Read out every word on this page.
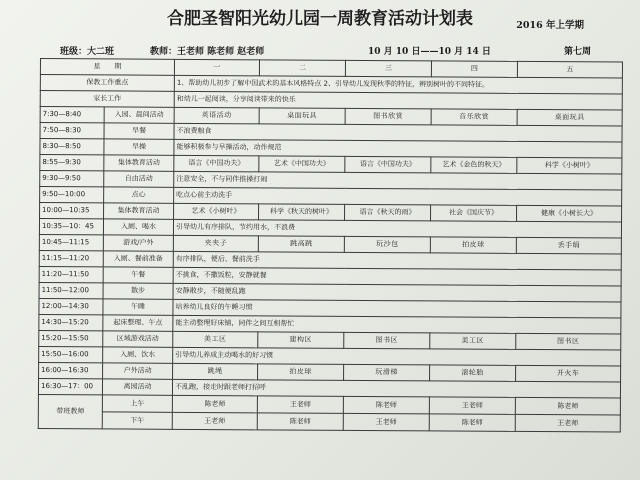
合肥圣智阳光幼儿园一周教育活动计划表	2016 年上学期
班级：大二班	教师：王老师 陈老师 赵老师	10 月 10 日——10 月 14 日	第七周
星　　期		一	二	三	四	五
保教工作重点		1、帮助幼儿初步了解中国武术的基本风格特点 2、引导幼儿发现秋季的特征，辨别树叶的不同特征。				
家长工作		和幼儿一起阅读，分享阅读带来的快乐				
7:30—8:40	入园、晨间活动	英语活动	桌面玩具	图书欣赏	音乐欣赏	桌面玩具
7:50—8:30	早餐	不浪费粮食				
8:30—8:50	早操	能够积极参与早操活动，动作规范				
8:55—9:30	集体教育活动	语言《中国功夫》	艺术《中国功夫》	语言《中国功夫》	艺术《金色的秋天》	科学《小树叶》
9:30—9:50	自由活动	注意安全，不与同伴推搡打闹				
9:50—10:00	点心	吃点心前主动洗手				
10:00—10:35	集体教育活动	艺术《小树叶》	科学《秋天的树叶》	语言《秋天的雨》	社会《国庆节》	健康《小树长大》
10:35—10：45	入厕、喝水	引导幼儿有序排队，节约用水，不浪费				
10:45—11:15	游戏/户外	夹夹子	跳高跳	玩沙包	拍皮球	丢手绢
11:15—11:20	入厕、餐前准备	有序排队，便后、餐前洗手				
11:20—11:50	午餐	不挑食，不撒饭粒，安静就餐				
11:50—12:00	散步	安静散步，不随便乱跑				
12:00—14:30	午睡	培养幼儿良好的午睡习惯				
14:30—15:20	起床整理、午点	能主动整理好床铺，同伴之间互相帮忙				
15:20—15:50	区域游戏活动	美工区	建构区	图书区	美工区	图书区
15:50—16:00	入厕、饮水	引导幼儿养成主动喝水的好习惯				
16:00—16:30	户外活动	跳绳	拍皮球	玩滑梯	滚轮胎	开火车
16:30—17：00	离园活动	不乱跑，接走时跟老师打招呼				
带班教师	上午	陈老师	王老师	陈老师	王老师	陈老师
	下午	王老师	陈老师	王老师	陈老师	王老师
